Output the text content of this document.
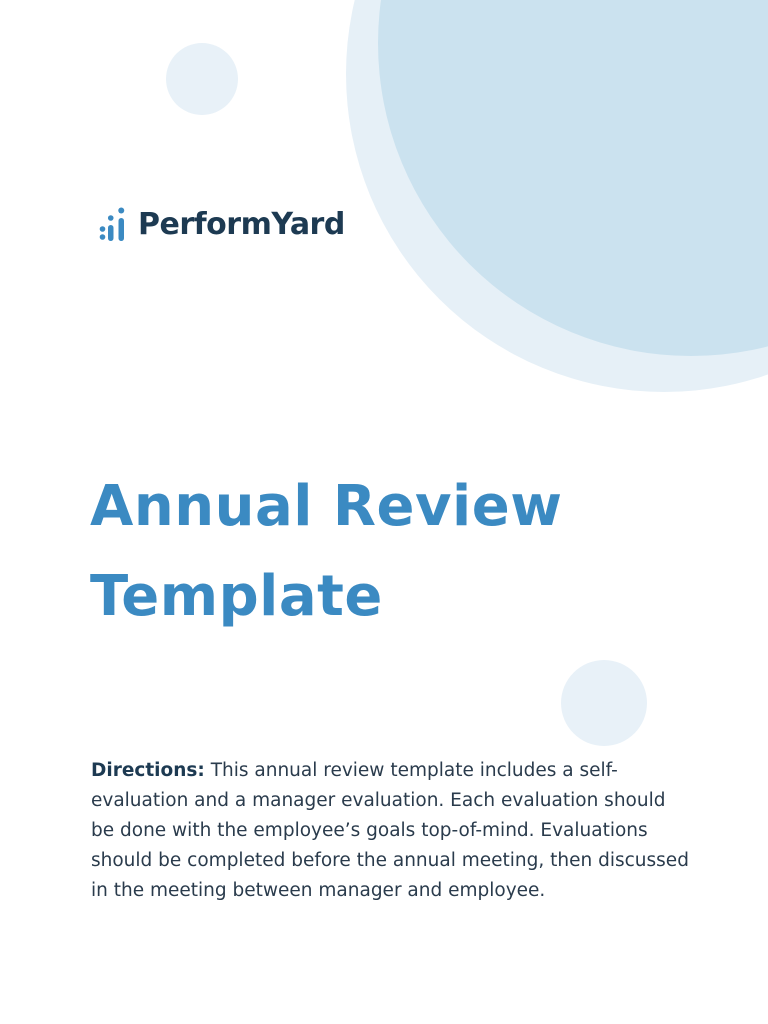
PerformYard
Annual Review
Template

Directions: This annual review template includes a self-evaluation and a manager evaluation. Each evaluation should be done with the employee’s goals top-of-mind. Evaluations should be completed before the annual meeting, then discussed in the meeting between manager and employee.
